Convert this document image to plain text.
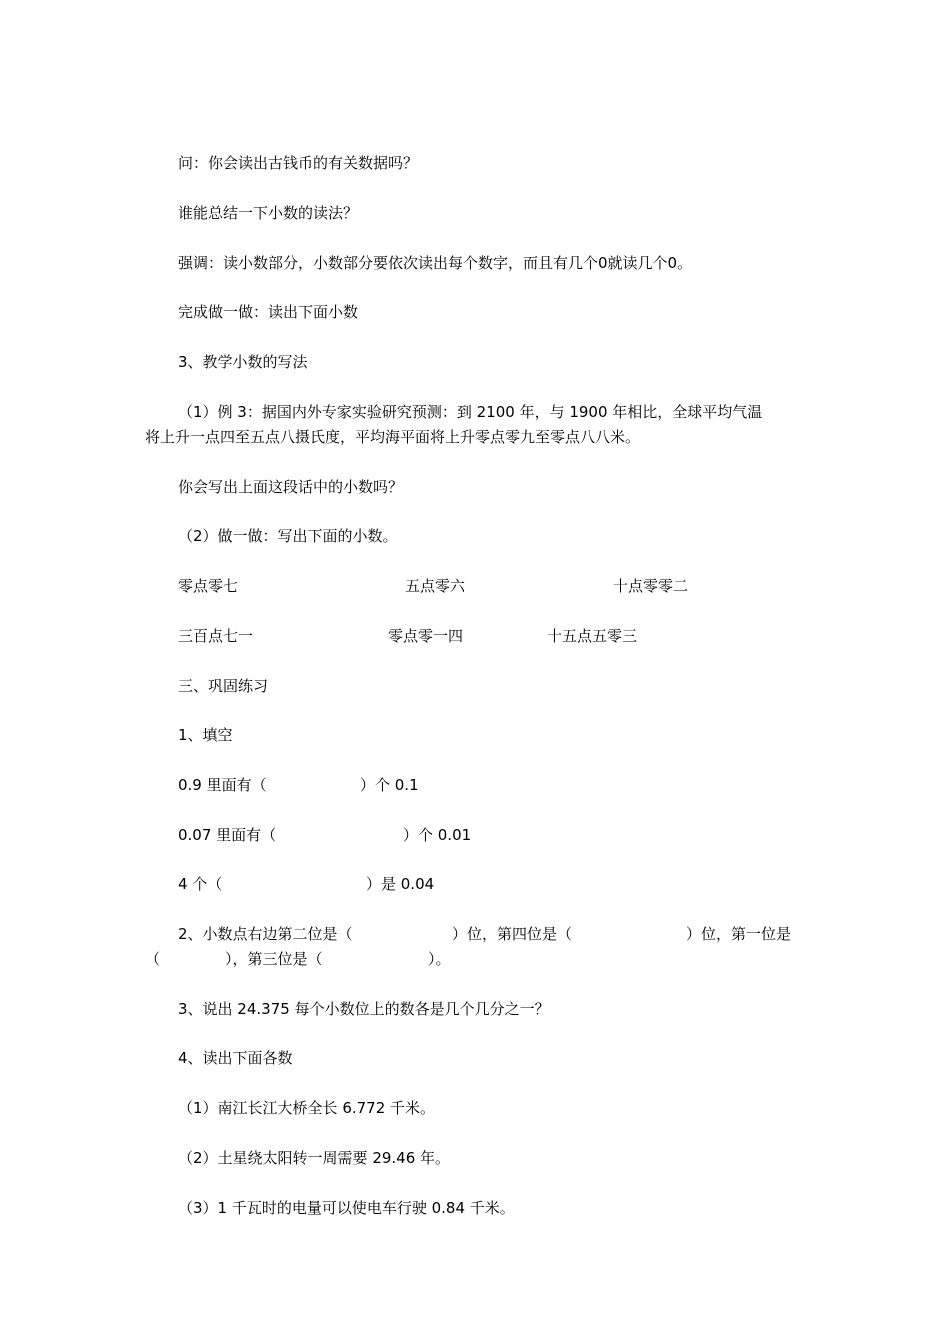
问：你会读出古钱币的有关数据吗？
谁能总结一下小数的读法？
强调：读小数部分，小数部分要依次读出每个数字，而且有几个0就读几个0。
完成做一做：读出下面小数
3、教学小数的写法
（1）例 3：据国内外专家实验研究预测：到 2100 年，与 1900 年相比，全球平均气温
将上升一点四至五点八摄氏度，平均海平面将上升零点零九至零点八八米。
你会写出上面这段话中的小数吗？
（2）做一做：写出下面的小数。
零点零七	五点零六	十点零零二
三百点七一	零点零一四	十五点五零三
三、巩固练习
1、填空
0.9 里面有（	）个 0.1
0.07 里面有（	）个 0.01
4 个（	）是 0.04
2、小数点右边第二位是（	）位，第四位是（	）位，第一位是
（	），第三位是（	）。
3、说出 24.375 每个小数位上的数各是几个几分之一？
4、读出下面各数
（1）南江长江大桥全长 6.772 千米。
（2）土星绕太阳转一周需要 29.46 年。
（3）1 千瓦时的电量可以使电车行驶 0.84 千米。
